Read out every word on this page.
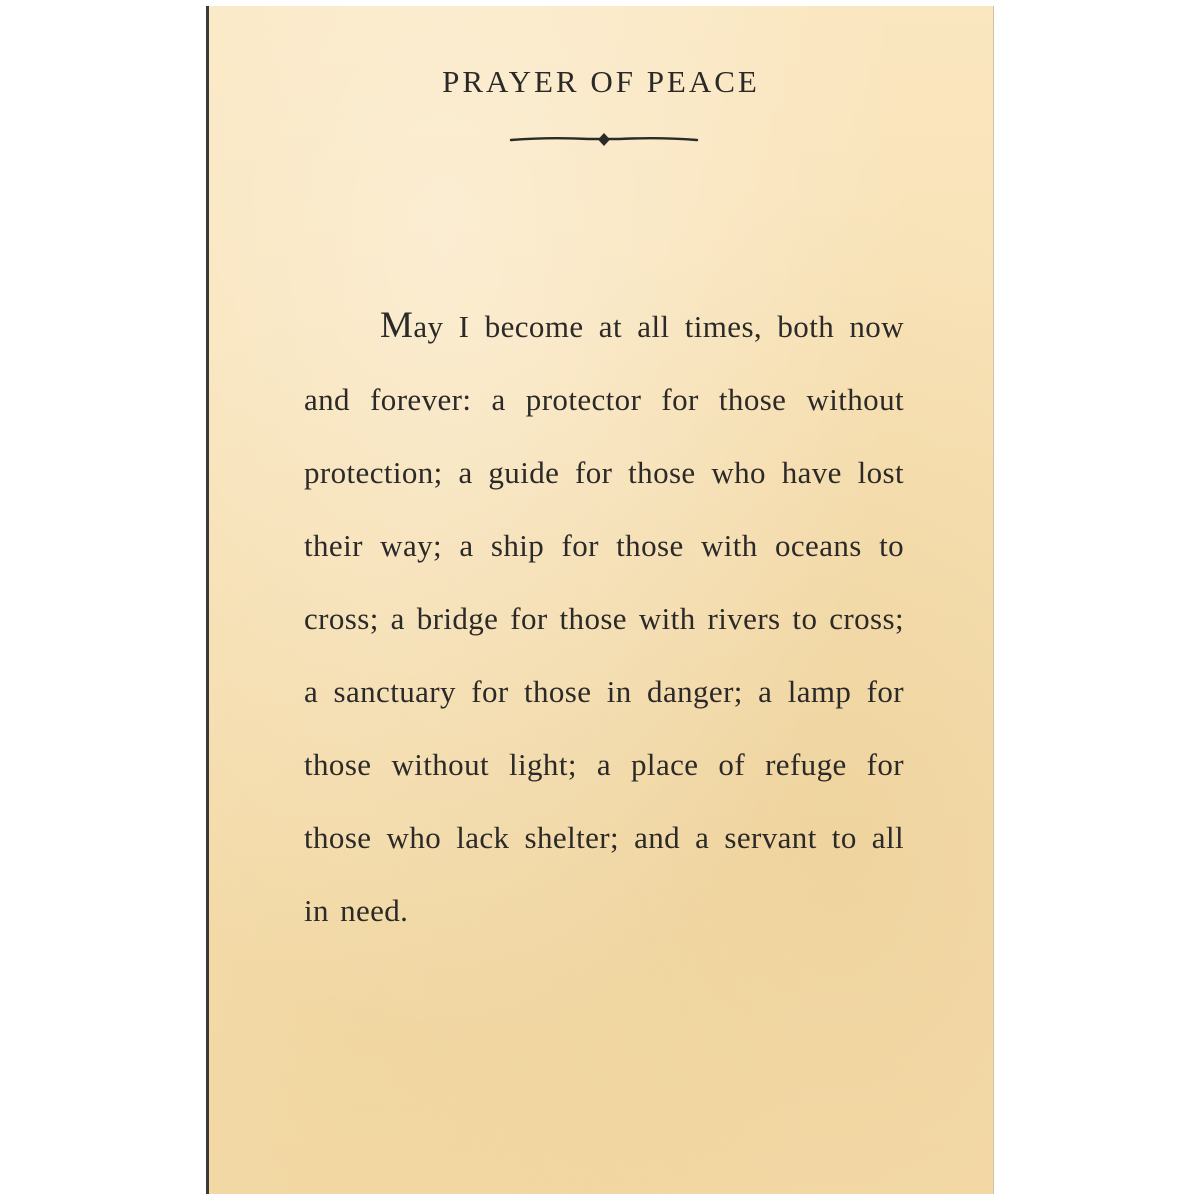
PRAYER OF PEACE

May I become at all times, both now and forever: a protector for those without protection; a guide for those who have lost their way; a ship for those with oceans to cross; a bridge for those with rivers to cross; a sanctuary for those in danger; a lamp for those without light; a place of refuge for those who lack shelter; and a servant to all in need.
